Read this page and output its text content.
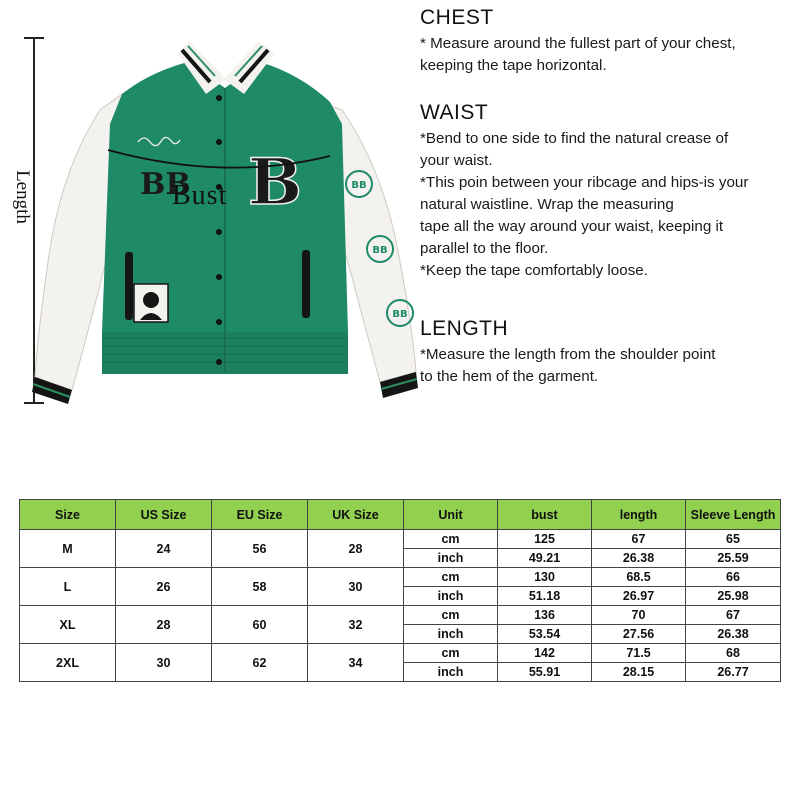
Length	BB B	BB
BB
BB
Bust
CHEST
* Measure around the fullest part of your chest,
keeping the tape horizontal.
WAIST
*Bend to one side to find the natural crease of
your waist.
*This poin between your ribcage and hips-is your
natural waistline. Wrap the measuring
tape all the way around your waist, keeping it
parallel to the floor.
*Keep the tape comfortably loose.
LENGTH
*Measure the length from the shoulder point
to the hem of the garment.
Size	US Size	EU Size	UK Size	Unit	bust	length	Sleeve Length
M	24	56	28	cm	125	67	65
				inch	49.21	26.38	25.59
L	26	58	30	cm	130	68.5	66
				inch	51.18	26.97	25.98
XL	28	60	32	cm	136	70	67
				inch	53.54	27.56	26.38
2XL	30	62	34	cm	142	71.5	68
				inch	55.91	28.15	26.77
